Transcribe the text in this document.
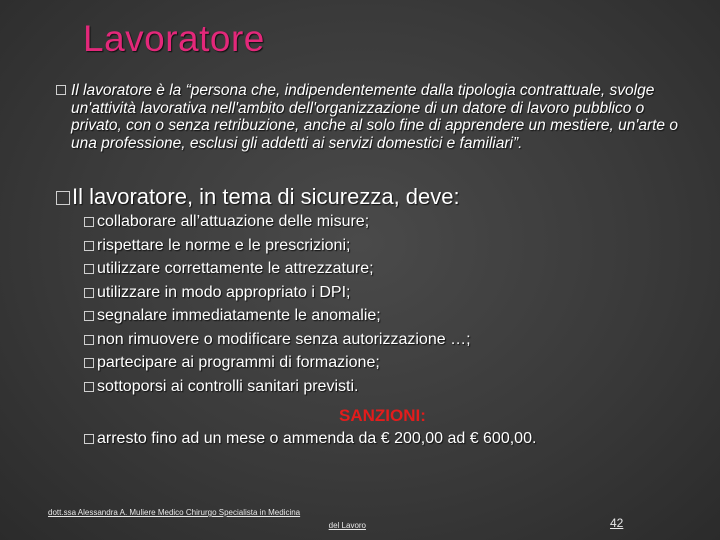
Lavoratore
Il lavoratore è la “persona che, indipendentemente dalla tipologia contrattuale, svolge un'attività lavorativa nell'ambito dell'organizzazione di un datore di lavoro pubblico o privato, con o senza retribuzione, anche al solo fine di apprendere un mestiere, un'arte o una professione, esclusi gli addetti ai servizi domestici e familiari”.
Il lavoratore, in tema di sicurezza, deve:
collaborare all’attuazione delle misure;
rispettare le norme e le prescrizioni;
utilizzare correttamente le attrezzature;
utilizzare in modo appropriato i DPI;
segnalare immediatamente le anomalie;
non rimuovere o modificare senza autorizzazione …;
partecipare ai programmi di formazione;
sottoporsi ai controlli sanitari previsti.
SANZIONI:
arresto fino ad un mese o ammenda da € 200,00 ad € 600,00.
dott.ssa Alessandra A. Muliere Medico Chirurgo Specialista in Medicina
del Lavoro	42
